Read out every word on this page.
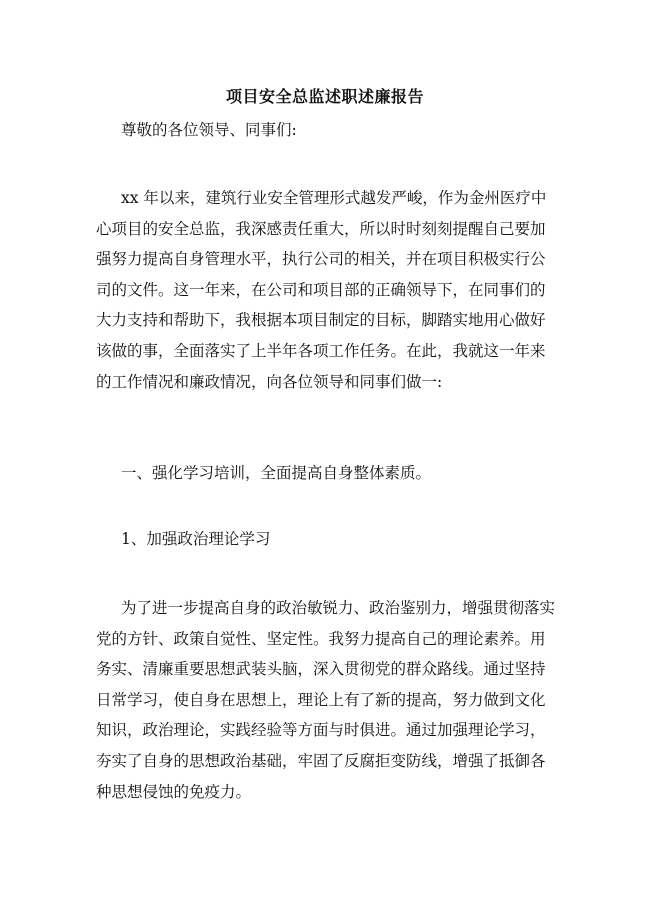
项目安全总监述职述廉报告
尊敬的各位领导、同事们:
xx 年以来，建筑行业安全管理形式越发严峻，作为金州医疗中
心项目的安全总监，我深感责任重大，所以时时刻刻提醒自己要加
强努力提高自身管理水平，执行公司的相关，并在项目积极实行公
司的文件。这一年来，在公司和项目部的正确领导下，在同事们的
大力支持和帮助下，我根据本项目制定的目标，脚踏实地用心做好
该做的事，全面落实了上半年各项工作任务。在此，我就这一年来
的工作情况和廉政情况，向各位领导和同事们做一:
一、强化学习培训，全面提高自身整体素质。
1、加强政治理论学习
为了进一步提高自身的政治敏锐力、政治鉴别力，增强贯彻落实
党的方针、政策自觉性、坚定性。我努力提高自己的理论素养。用
务实、清廉重要思想武装头脑，深入贯彻党的群众路线。通过坚持
日常学习，使自身在思想上，理论上有了新的提高，努力做到文化
知识，政治理论，实践经验等方面与时俱进。通过加强理论学习，
夯实了自身的思想政治基础，牢固了反腐拒变防线，增强了抵御各
种思想侵蚀的免疫力。
